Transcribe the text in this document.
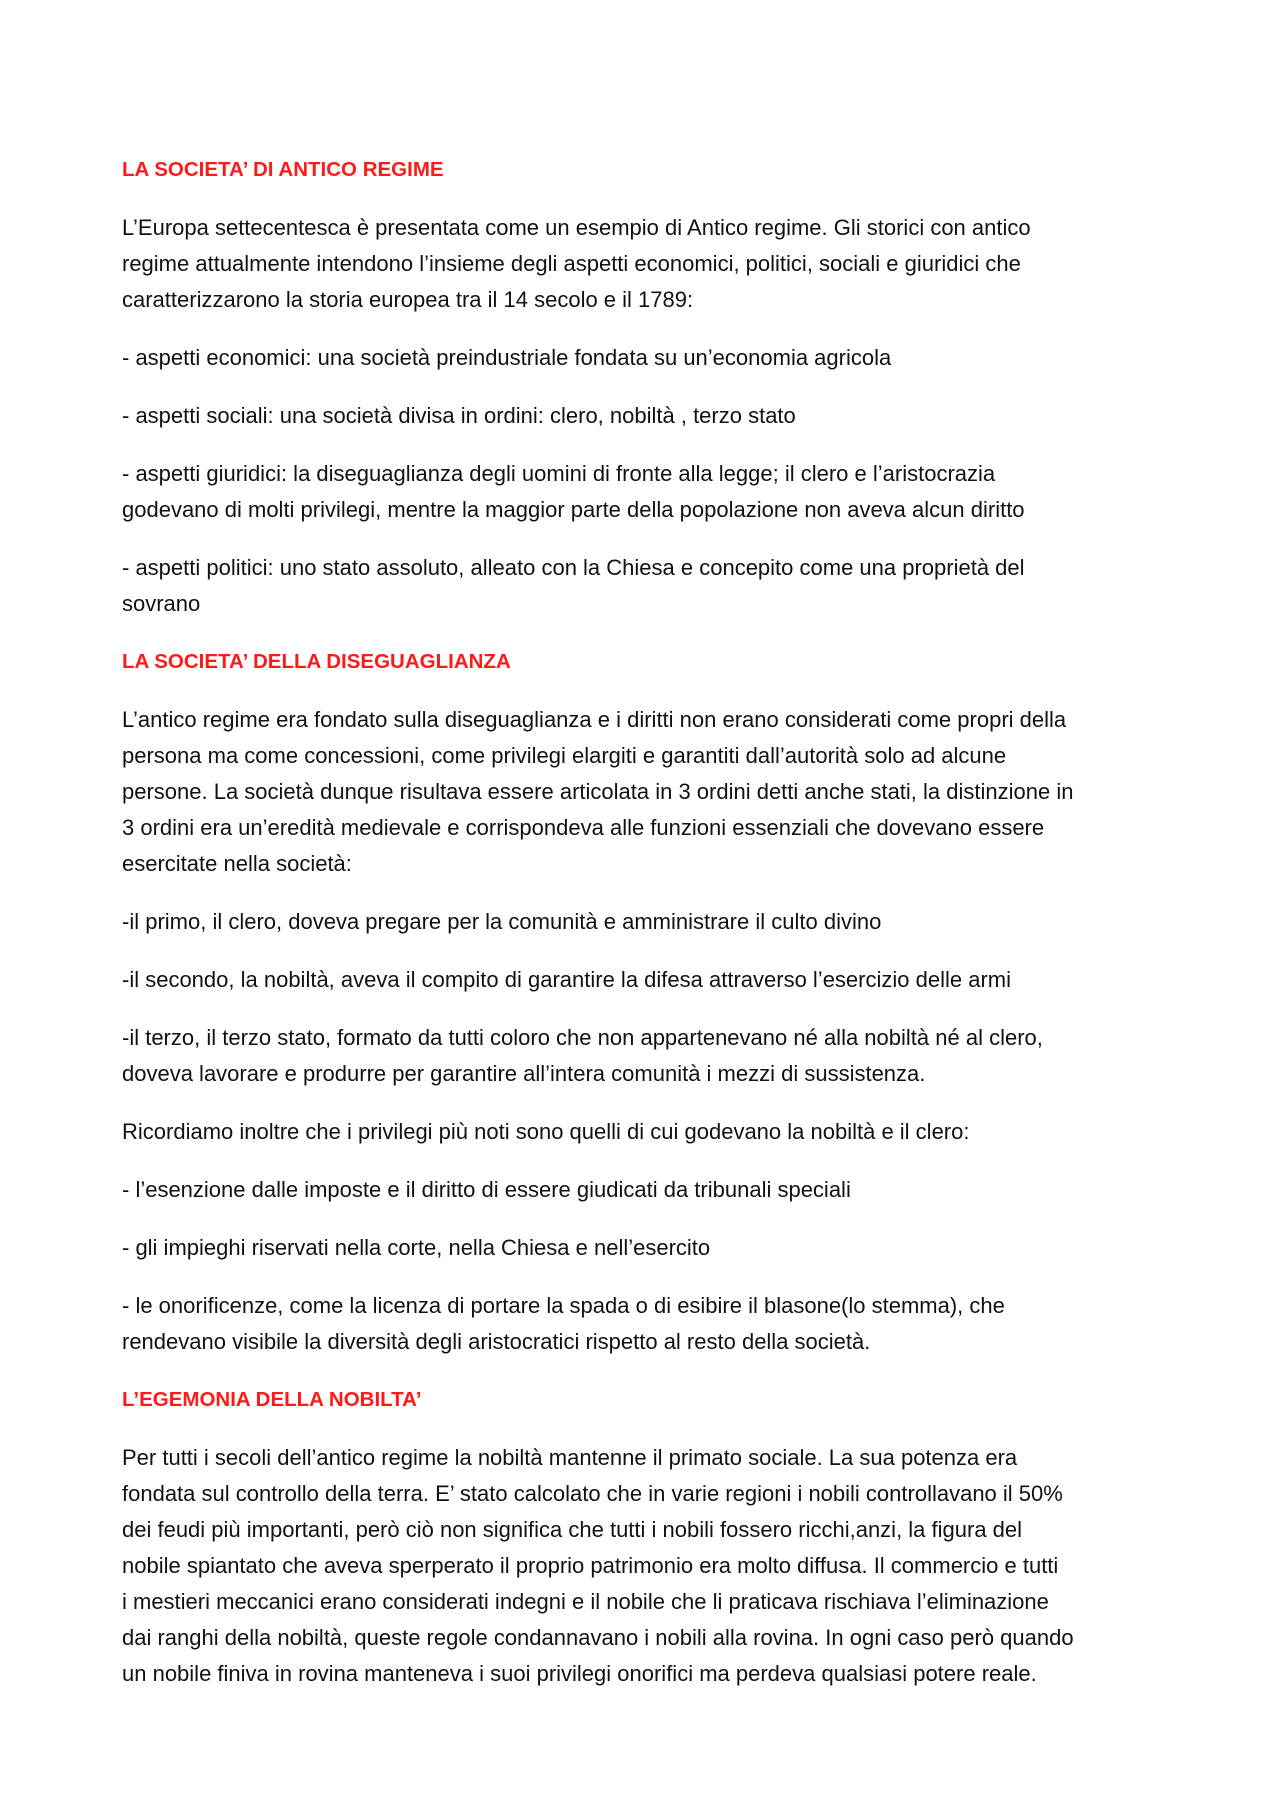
LA SOCIETA’ DI ANTICO REGIME
L’Europa settecentesca è presentata come un esempio di Antico regime. Gli storici con antico
regime attualmente intendono l’insieme degli aspetti economici, politici, sociali e giuridici che
caratterizzarono la storia europea tra il 14 secolo e il 1789:
- aspetti economici: una società preindustriale fondata su un’economia agricola
- aspetti sociali: una società divisa in ordini: clero, nobiltà , terzo stato
- aspetti giuridici: la diseguaglianza degli uomini di fronte alla legge; il clero e l’aristocrazia
godevano di molti privilegi, mentre la maggior parte della popolazione non aveva alcun diritto
- aspetti politici: uno stato assoluto, alleato con la Chiesa e concepito come una proprietà del
sovrano
LA SOCIETA’ DELLA DISEGUAGLIANZA
L’antico regime era fondato sulla diseguaglianza e i diritti non erano considerati come propri della
persona ma come concessioni, come privilegi elargiti e garantiti dall’autorità solo ad alcune
persone. La società dunque risultava essere articolata in 3 ordini detti anche stati, la distinzione in
3 ordini era un’eredità medievale e corrispondeva alle funzioni essenziali che dovevano essere
esercitate nella società:
-il primo, il clero, doveva pregare per la comunità e amministrare il culto divino
-il secondo, la nobiltà, aveva il compito di garantire la difesa attraverso l’esercizio delle armi
-il terzo, il terzo stato, formato da tutti coloro che non appartenevano né alla nobiltà né al clero,
doveva lavorare e produrre per garantire all’intera comunità i mezzi di sussistenza.
Ricordiamo inoltre che i privilegi più noti sono quelli di cui godevano la nobiltà e il clero:
- l’esenzione dalle imposte e il diritto di essere giudicati da tribunali speciali
- gli impieghi riservati nella corte, nella Chiesa e nell’esercito
- le onorificenze, come la licenza di portare la spada o di esibire il blasone(lo stemma), che
rendevano visibile la diversità degli aristocratici rispetto al resto della società.
L’EGEMONIA DELLA NOBILTA’
Per tutti i secoli dell’antico regime la nobiltà mantenne il primato sociale. La sua potenza era
fondata sul controllo della terra. E’ stato calcolato che in varie regioni i nobili controllavano il 50%
dei feudi più importanti, però ciò non significa che tutti i nobili fossero ricchi,anzi, la figura del
nobile spiantato che aveva sperperato il proprio patrimonio era molto diffusa. Il commercio e tutti
i mestieri meccanici erano considerati indegni e il nobile che li praticava rischiava l’eliminazione
dai ranghi della nobiltà, queste regole condannavano i nobili alla rovina. In ogni caso però quando
un nobile finiva in rovina manteneva i suoi privilegi onorifici ma perdeva qualsiasi potere reale.
